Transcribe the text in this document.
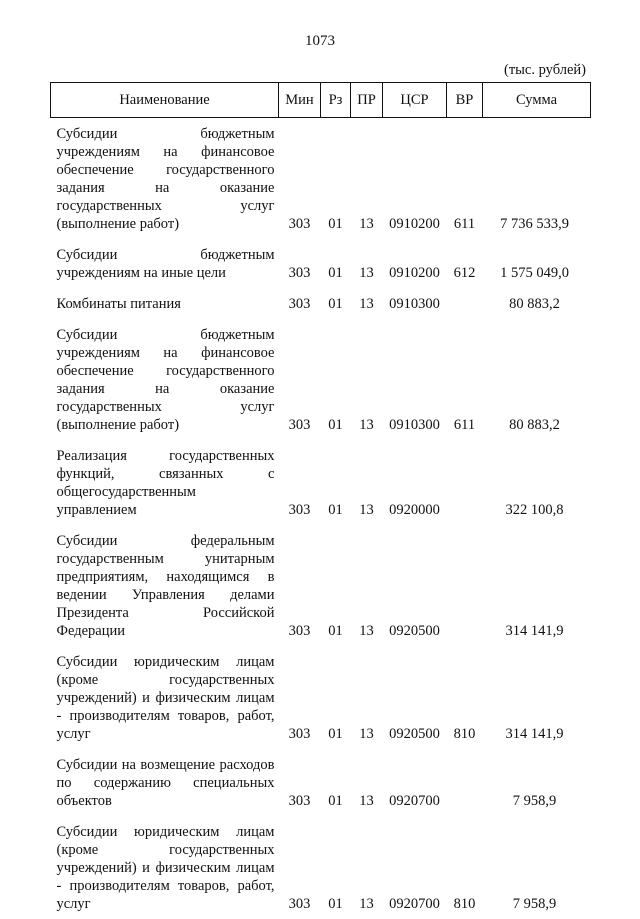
1073
(тыс. рублей)
Наименование	Мин	Рз	ПР	ЦСР	ВР	Сумма
Субсидии бюджетным учреждениям на финансовое обеспечение государственного задания на оказание государственных услуг (выполнение работ)	303	01	13	0910200	611	7 736 533,9
Субсидии бюджетным учреждениям на иные цели	303	01	13	0910200	612	1 575 049,0
Комбинаты питания	303	01	13	0910300		80 883,2
Субсидии бюджетным учреждениям на финансовое обеспечение государственного задания на оказание государственных услуг (выполнение работ)	303	01	13	0910300	611	80 883,2
Реализация государственных функций, связанных с общегосударственным управлением	303	01	13	0920000		322 100,8
Субсидии федеральным государственным унитарным предприятиям, находящимся в ведении Управления делами Президента Российской Федерации	303	01	13	0920500		314 141,9
Субсидии юридическим лицам (кроме государственных учреждений) и физическим лицам - производителям товаров, работ, услуг	303	01	13	0920500	810	314 141,9
Субсидии на возмещение расходов по содержанию специальных объектов	303	01	13	0920700		7 958,9
Субсидии юридическим лицам (кроме государственных учреждений) и физическим лицам - производителям товаров, работ, услуг	303	01	13	0920700	810	7 958,9
